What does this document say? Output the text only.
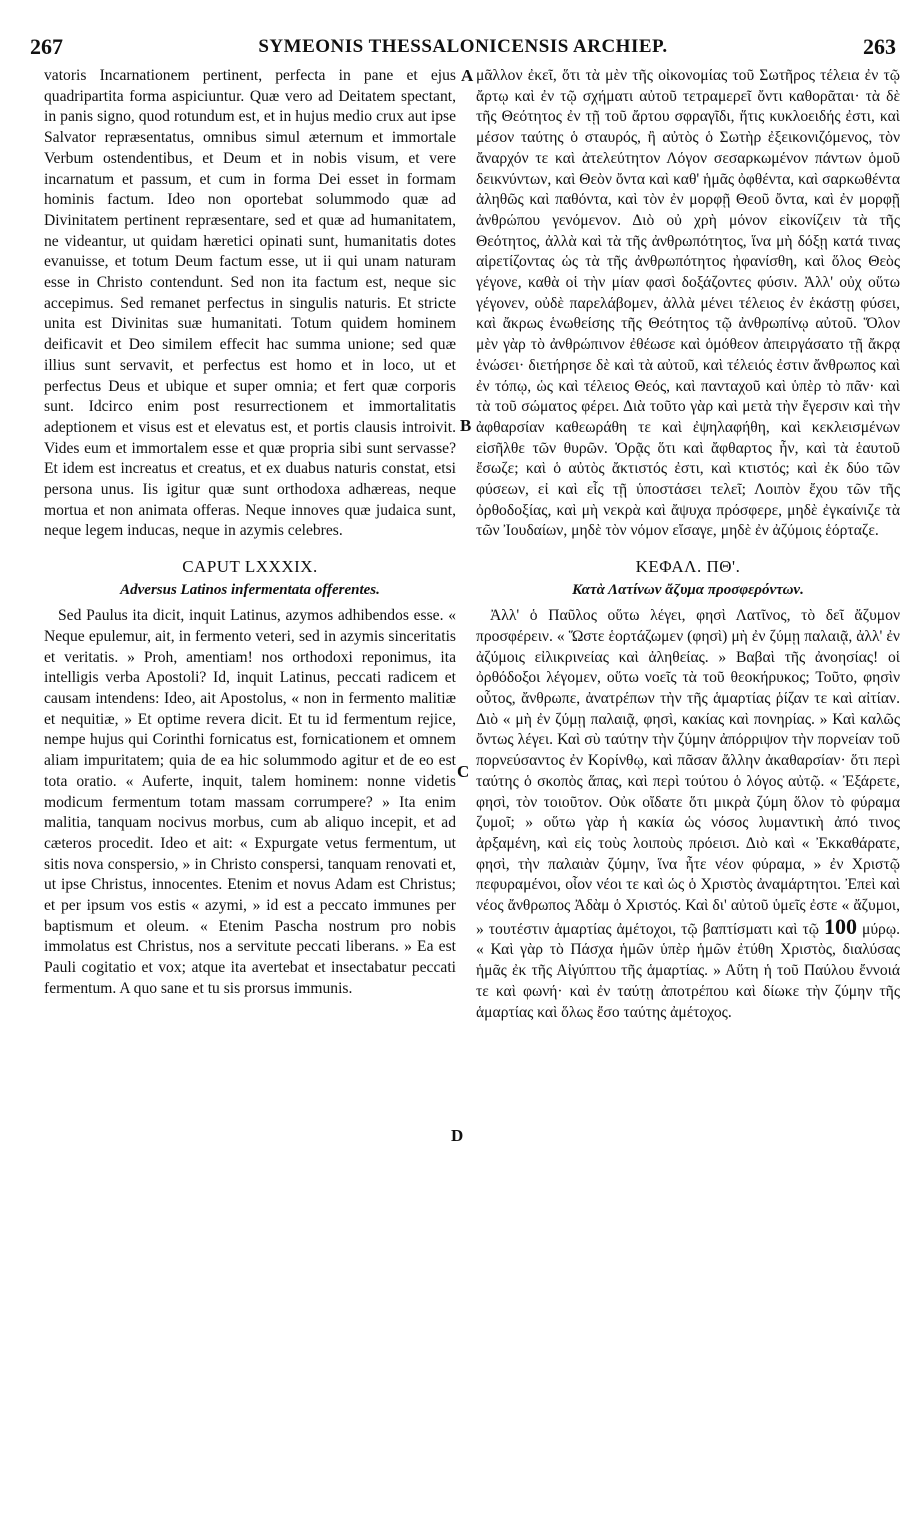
267	SYMEONIS THESSALONICENSIS ARCHIEP.	263
A
B
C
D

vatoris Incarnationem pertinent, perfecta in pane et ejus quadripartita forma aspiciuntur. Quæ vero ad Deitatem spectant, in panis signo, quod rotundum est, et in hujus medio crux aut ipse Salvator repræsentatus, omnibus simul æternum et immortale Verbum ostendentibus, et Deum et in nobis visum, et vere incarnatum et passum, et cum in forma Dei esset in formam hominis factum. Ideo non oportebat solummodo quæ ad Divinitatem pertinent repræsentare, sed et quæ ad humanitatem, ne videantur, ut quidam hæretici opinati sunt, humanitatis dotes evanuisse, et totum Deum factum esse, ut ii qui unam naturam esse in Christo contendunt. Sed non ita factum est, neque sic accepimus. Sed remanet perfectus in singulis naturis. Et stricte unita est Divinitas suæ humanitati. Totum quidem hominem deificavit et Deo similem effecit hac summa unione; sed quæ illius sunt servavit, et perfectus est homo et in loco, ut et perfectus Deus et ubique et super omnia; et fert quæ corporis sunt. Idcirco enim post resurrectionem et immortalitatis adeptionem et visus est et elevatus est, et portis clausis introivit. Vides eum et immortalem esse et quæ propria sibi sunt servasse? Et idem est increatus et creatus, et ex duabus naturis constat, etsi persona unus. Iis igitur quæ sunt orthodoxa adhæreas, neque mortua et non animata offeras. Neque innoves quæ judaica sunt, neque legem inducas, neque in azymis celebres.

CAPUT LXXXIX.
Adversus Latinos infermentata offerentes.

Sed Paulus ita dicit, inquit Latinus, azymos adhibendos esse. « Neque epulemur, ait, in fermento veteri, sed in azymis sinceritatis et veritatis. » Proh, amentiam! nos orthodoxi reponimus, ita intelligis verba Apostoli? Id, inquit Latinus, peccati radicem et causam intendens: Ideo, ait Apostolus, « non in fermento malitiæ et nequitiæ, » Et optime revera dicit. Et tu id fermentum rejice, nempe hujus qui Corinthi fornicatus est, fornicationem et omnem aliam impuritatem; quia de ea hic solummodo agitur et de eo est tota oratio. « Auferte, inquit, talem hominem: nonne videtis modicum fermentum totam massam corrumpere? » Ita enim malitia, tanquam nocivus morbus, cum ab aliquo incepit, et ad cæteros procedit. Ideo et ait: « Expurgate vetus fermentum, ut sitis nova conspersio, » in Christo conspersi, tanquam renovati et, ut ipse Christus, innocentes. Etenim et novus Adam est Christus; et per ipsum vos estis « azymi, » id est a peccato immunes per baptismum et oleum. « Etenim Pascha nostrum pro nobis immolatus est Christus, nos a servitute peccati liberans. » Ea est Pauli cogitatio et vox; atque ita avertebat et insectabatur peccati fermentum. A quo sane et tu sis prorsus immunis.

μᾶλλον ἐκεῖ, ὅτι τὰ μὲν τῆς οἰκονομίας τοῦ Σωτῆρος τέλεια ἐν τῷ ἄρτῳ καὶ ἐν τῷ σχήματι αὐτοῦ τετραμερεῖ ὄντι καθορᾶται· τὰ δὲ τῆς Θεότητος ἐν τῇ τοῦ ἄρτου σφραγῖδι, ἥτις κυκλοειδής ἐστι, καὶ μέσον ταύτης ὁ σταυρός, ἢ αὐτὸς ὁ Σωτὴρ ἐξεικονιζόμενος, τὸν ἄναρχόν τε καὶ ἀτελεύτητον Λόγον σεσαρκωμένον πάντων ὁμοῦ δεικνύντων, καὶ Θεὸν ὄντα καὶ καθ' ἡμᾶς ὀφθέντα, καὶ σαρκωθέντα ἀληθῶς καὶ παθόντα, καὶ τὸν ἐν μορφῇ Θεοῦ ὄντα, καὶ ἐν μορφῇ ἀνθρώπου γενόμενον. Διὸ οὐ χρὴ μόνον εἰκονίζειν τὰ τῆς Θεότητος, ἀλλὰ καὶ τὰ τῆς ἀνθρωπότητος, ἵνα μὴ δόξῃ κατά τινας αἱρετίζοντας ὡς τὰ τῆς ἀνθρωπότητος ἠφανίσθη, καὶ ὅλος Θεὸς γέγονε, καθὰ οἱ τὴν μίαν φασὶ δοξάζοντες φύσιν. Ἀλλ' οὐχ οὕτω γέγονεν, οὐδὲ παρελάβομεν, ἀλλὰ μένει τέλειος ἐν ἑκάστῃ φύσει, καὶ ἄκρως ἑνωθείσης τῆς Θεότητος τῷ ἀνθρωπίνῳ αὐτοῦ. Ὅλον μὲν γὰρ τὸ ἀνθρώπινον ἐθέωσε καὶ ὁμόθεον ἀπειργάσατο τῇ ἄκρᾳ ἑνώσει· διετήρησε δὲ καὶ τὰ αὐτοῦ, καὶ τέλειός ἐστιν ἄνθρωπος καὶ ἐν τόπῳ, ὡς καὶ τέλειος Θεός, καὶ πανταχοῦ καὶ ὑπὲρ τὸ πᾶν· καὶ τὰ τοῦ σώματος φέρει. Διὰ τοῦτο γὰρ καὶ μετὰ τὴν ἔγερσιν καὶ τὴν ἀφθαρσίαν καθεωράθη τε καὶ ἐψηλαφήθη, καὶ κεκλεισμένων εἰσῆλθε τῶν θυρῶν. Ὁρᾷς ὅτι καὶ ἄφθαρτος ἦν, καὶ τὰ ἑαυτοῦ ἔσωζε; καὶ ὁ αὐτὸς ἄκτιστός ἐστι, καὶ κτιστός; καὶ ἐκ δύο τῶν φύσεων, εἰ καὶ εἷς τῇ ὑποστάσει τελεῖ; Λοιπὸν ἔχου τῶν τῆς ὀρθοδοξίας, καὶ μὴ νεκρὰ καὶ ἄψυχα πρόσφερε, μηδὲ ἐγκαίνιζε τὰ τῶν Ἰουδαίων, μηδὲ τὸν νόμον εἴσαγε, μηδὲ ἐν ἀζύμοις ἑόρταζε.

ΚΕΦΑΛ. ΠΘ'.
Κατὰ Λατίνων ἄζυμα προσφερόντων.

Ἀλλ' ὁ Παῦλος οὕτω λέγει, φησὶ Λατῖνος, τὸ δεῖ ἄζυμον προσφέρειν. « Ὥστε ἑορτάζωμεν (φησὶ) μὴ ἐν ζύμῃ παλαιᾷ, ἀλλ' ἐν ἀζύμοις εἰλικρινείας καὶ ἀληθείας. » Βαβαὶ τῆς ἀνοησίας! οἱ ὀρθόδοξοι λέγομεν, οὕτω νοεῖς τὰ τοῦ θεοκήρυκος; Τοῦτο, φησὶν οὗτος, ἄνθρωπε, ἀνατρέπων τὴν τῆς ἁμαρτίας ῥίζαν τε καὶ αἰτίαν. Διὸ « μὴ ἐν ζύμῃ παλαιᾷ, φησὶ, κακίας καὶ πονηρίας. » Καὶ καλῶς ὄντως λέγει. Καὶ σὺ ταύτην τὴν ζύμην ἀπόρριψον τὴν πορνείαν τοῦ πορνεύσαντος ἐν Κορίνθῳ, καὶ πᾶσαν ἄλλην ἀκαθαρσίαν· ὅτι περὶ ταύτης ὁ σκοπὸς ἅπας, καὶ περὶ τούτου ὁ λόγος αὐτῷ. « Ἐξάρετε, φησὶ, τὸν τοιοῦτον. Οὐκ οἴδατε ὅτι μικρὰ ζύμη ὅλον τὸ φύραμα ζυμοῖ; » οὕτω γὰρ ἡ κακία ὡς νόσος λυμαντικὴ ἀπό τινος ἀρξαμένη, καὶ εἰς τοὺς λοιποὺς πρόεισι. Διὸ καὶ « Ἐκκαθάρατε, φησὶ, τὴν παλαιὰν ζύμην, ἵνα ἦτε νέον φύραμα, » ἐν Χριστῷ πεφυραμένοι, οἷον νέοι τε καὶ ὡς ὁ Χριστὸς ἀναμάρτητοι. Ἐπεὶ καὶ νέος ἄνθρωπος Ἀδὰμ ὁ Χριστός. Καὶ δι' αὐτοῦ ὑμεῖς ἐστε « ἄζυμοι, » τουτέστιν ἁμαρτίας ἀμέτοχοι, τῷ βαπτίσματι καὶ τῷ 100 μύρῳ. « Καὶ γὰρ τὸ Πάσχα ἡμῶν ὑπὲρ ἡμῶν ἐτύθη Χριστὸς, διαλύσας ἡμᾶς ἐκ τῆς Αἰγύπτου τῆς ἁμαρτίας. » Αὕτη ἡ τοῦ Παύλου ἔννοιά τε καὶ φωνή· καὶ ἐν ταύτῃ ἀποτρέπου καὶ δίωκε τὴν ζύμην τῆς ἁμαρτίας καὶ ὅλως ἔσο ταύτης ἀμέτοχος.
